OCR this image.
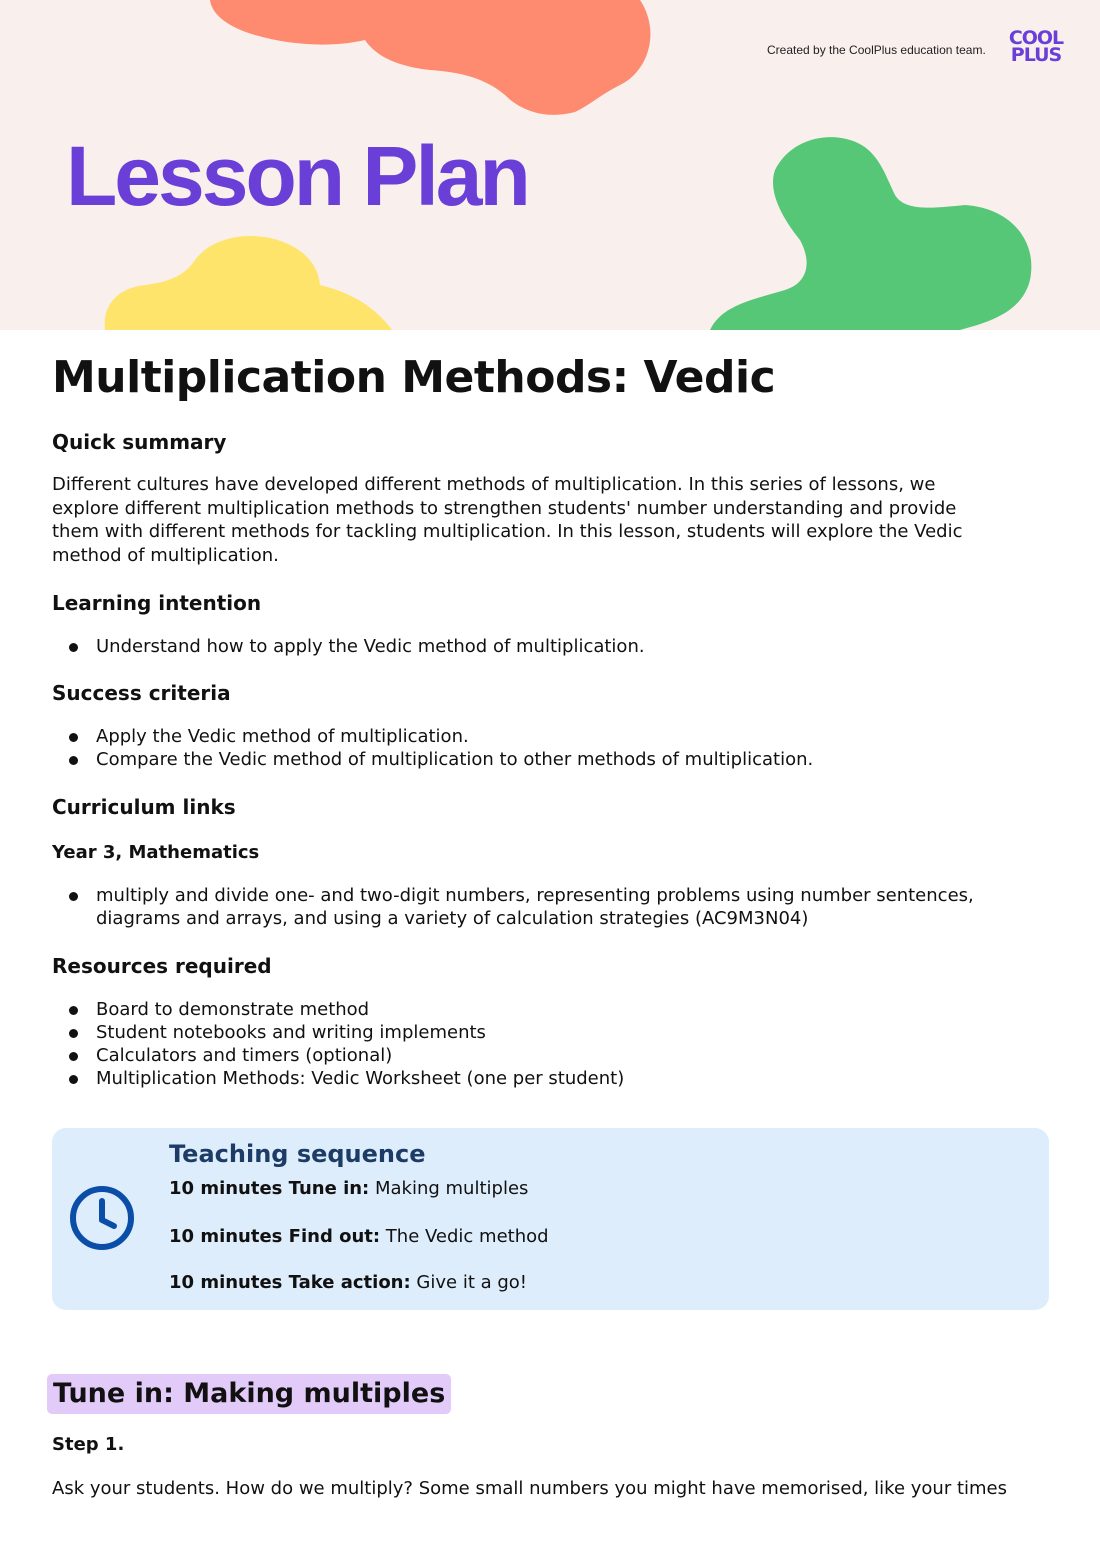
Created by the CoolPlus education team.
COOL
PLUS
Lesson Plan
Multiplication Methods: Vedic
Quick summary

Different cultures have developed different methods of multiplication. In this series of lessons, we
explore different multiplication methods to strengthen students' number understanding and provide
them with different methods for tackling multiplication. In this lesson, students will explore the Vedic
method of multiplication.

Learning intention
Understand how to apply the Vedic method of multiplication.
Success criteria
Apply the Vedic method of multiplication.
Compare the Vedic method of multiplication to other methods of multiplication.
Curriculum links
Year 3, Mathematics
multiply and divide one- and two-digit numbers, representing problems using number sentences,
diagrams and arrays, and using a variety of calculation strategies (AC9M3N04)
Resources required
Board to demonstrate method
Student notebooks and writing implements
Calculators and timers (optional)
Multiplication Methods: Vedic Worksheet (one per student)
Teaching sequence
10 minutes Tune in: Making multiples
10 minutes Find out: The Vedic method
10 minutes Take action: Give it a go!
Tune in: Making multiples
Step 1.
Ask your students. How do we multiply? Some small numbers you might have memorised, like your times
